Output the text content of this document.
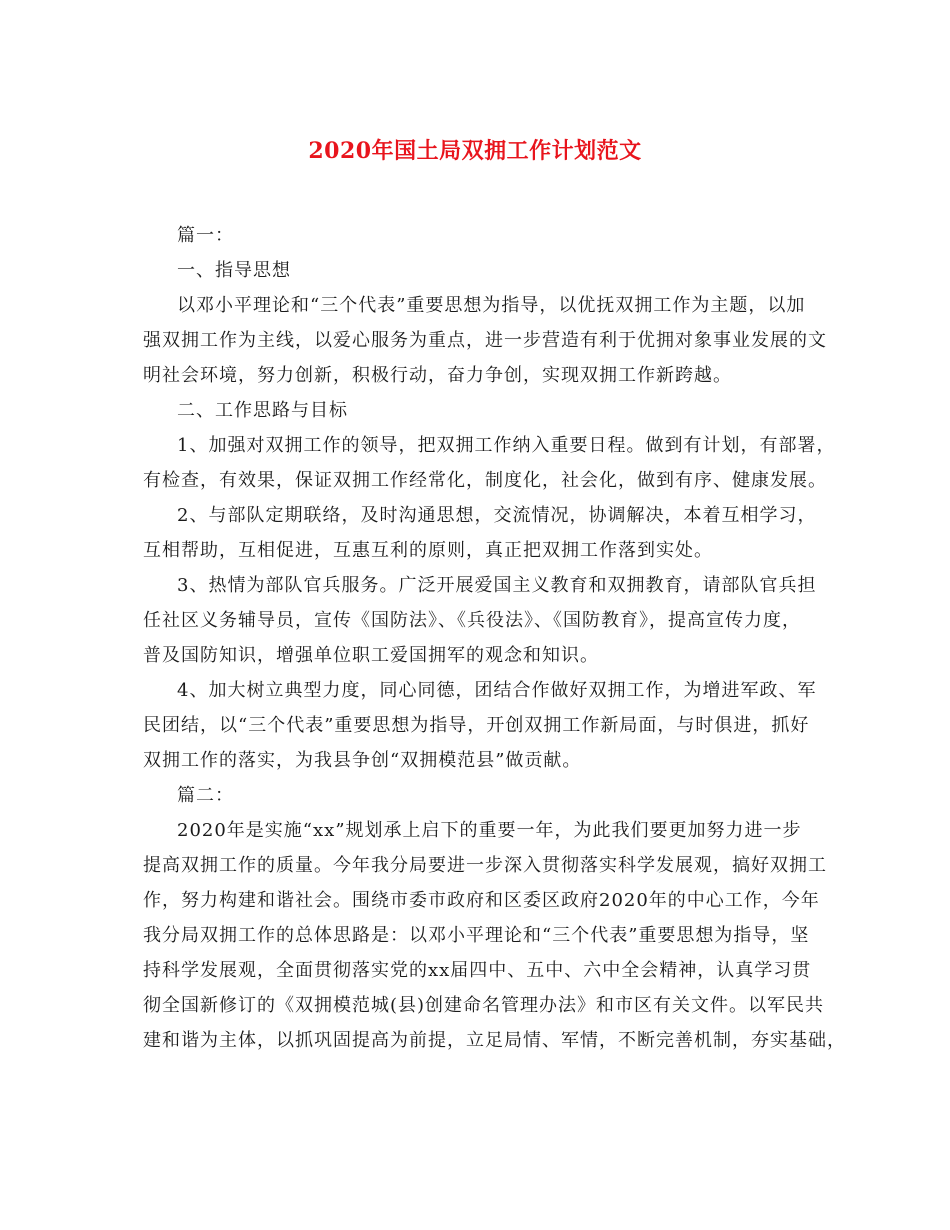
2020年国土局双拥工作计划范文
篇一：
一、指导思想
以邓小平理论和“三个代表”重要思想为指导，以优抚双拥工作为主题，以加
强双拥工作为主线，以爱心服务为重点，进一步营造有利于优拥对象事业发展的文
明社会环境，努力创新，积极行动，奋力争创，实现双拥工作新跨越。
二、工作思路与目标
1、加强对双拥工作的领导，把双拥工作纳入重要日程。做到有计划，有部署，
有检查，有效果，保证双拥工作经常化，制度化，社会化，做到有序、健康发展。
2、与部队定期联络，及时沟通思想，交流情况，协调解决，本着互相学习，
互相帮助，互相促进，互惠互利的原则，真正把双拥工作落到实处。
3、热情为部队官兵服务。广泛开展爱国主义教育和双拥教育，请部队官兵担
任社区义务辅导员，宣传《国防法》、《兵役法》、《国防教育》，提高宣传力度，
普及国防知识，增强单位职工爱国拥军的观念和知识。
4、加大树立典型力度，同心同德，团结合作做好双拥工作，为增进军政、军
民团结，以“三个代表”重要思想为指导，开创双拥工作新局面，与时俱进，抓好
双拥工作的落实，为我县争创“双拥模范县”做贡献。
篇二：
2020年是实施“xx”规划承上启下的重要一年，为此我们要更加努力进一步
提高双拥工作的质量。今年我分局要进一步深入贯彻落实科学发展观，搞好双拥工
作，努力构建和谐社会。围绕市委市政府和区委区政府2020年的中心工作，今年
我分局双拥工作的总体思路是：以邓小平理论和“三个代表”重要思想为指导，坚
持科学发展观，全面贯彻落实党的xx届四中、五中、六中全会精神，认真学习贯
彻全国新修订的《双拥模范城(县)创建命名管理办法》和市区有关文件。以军民共
建和谐为主体，以抓巩固提高为前提，立足局情、军情，不断完善机制，夯实基础，
